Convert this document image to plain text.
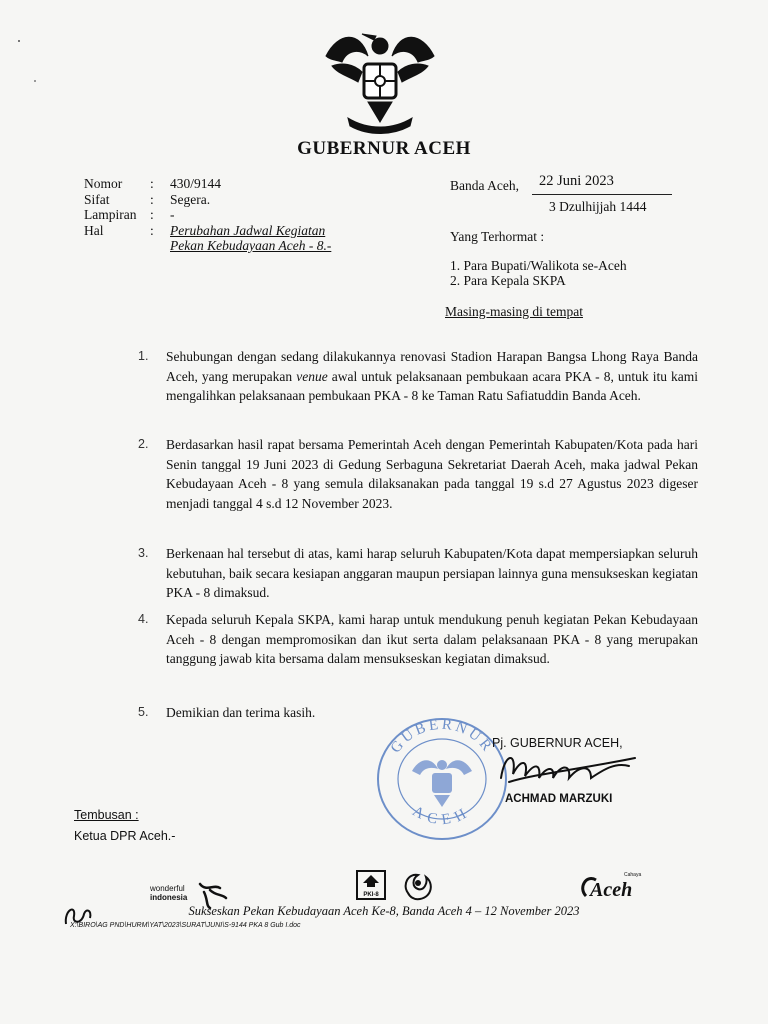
GUBERNUR ACEH
Nomor	:	430/9144
Sifat	:	Segera.
Lampiran	:	-
Hal	:	Perubahan Jadwal Kegiatan
Pekan Kebudayaan Aceh - 8.-
Banda Aceh, 22 Juni 2023
3 Dzulhijjah 1444
Yang Terhormat :
1. Para Bupati/Walikota se-Aceh
2. Para Kepala SKPA
Masing-masing di tempat
1.	Sehubungan dengan sedang dilakukannya renovasi Stadion Harapan Bangsa Lhong Raya Banda Aceh, yang merupakan venue awal untuk pelaksanaan pembukaan acara PKA - 8, untuk itu kami mengalihkan pelaksanaan pembukaan PKA - 8 ke Taman Ratu Safiatuddin Banda Aceh.
2.	Berdasarkan hasil rapat bersama Pemerintah Aceh dengan Pemerintah Kabupaten/Kota pada hari Senin tanggal 19 Juni 2023 di Gedung Serbaguna Sekretariat Daerah Aceh, maka jadwal Pekan Kebudayaan Aceh - 8 yang semula dilaksanakan pada tanggal 19 s.d 27 Agustus 2023 digeser menjadi tanggal 4 s.d 12 November 2023.
3.	Berkenaan hal tersebut di atas, kami harap seluruh Kabupaten/Kota dapat mempersiapkan seluruh kebutuhan, baik secara kesiapan anggaran maupun persiapan lainnya guna mensukseskan kegiatan PKA - 8 dimaksud.
4.	Kepada seluruh Kepala SKPA, kami harap untuk mendukung penuh kegiatan Pekan Kebudayaan Aceh - 8 dengan mempromosikan dan ikut serta dalam pelaksanaan PKA - 8 yang merupakan tanggung jawab kita bersama dalam mensukseskan kegiatan dimaksud.
5.	Demikian dan terima kasih.
GUBERNUR
ACEH
Pj. GUBERNUR ACEH,
ACHMAD MARZUKI
Tembusan :
Ketua DPR Aceh.-
wonderful
indonesia	PKI-8
Cahaya
Aceh
Sukseskan Pekan Kebudayaan Aceh Ke-8, Banda Aceh 4 – 12 November 2023
X:\BIRO\AG PND\HURM\YAT\2023\SURAT\JUNI\S-9144 PKA 8 Gub I.doc
